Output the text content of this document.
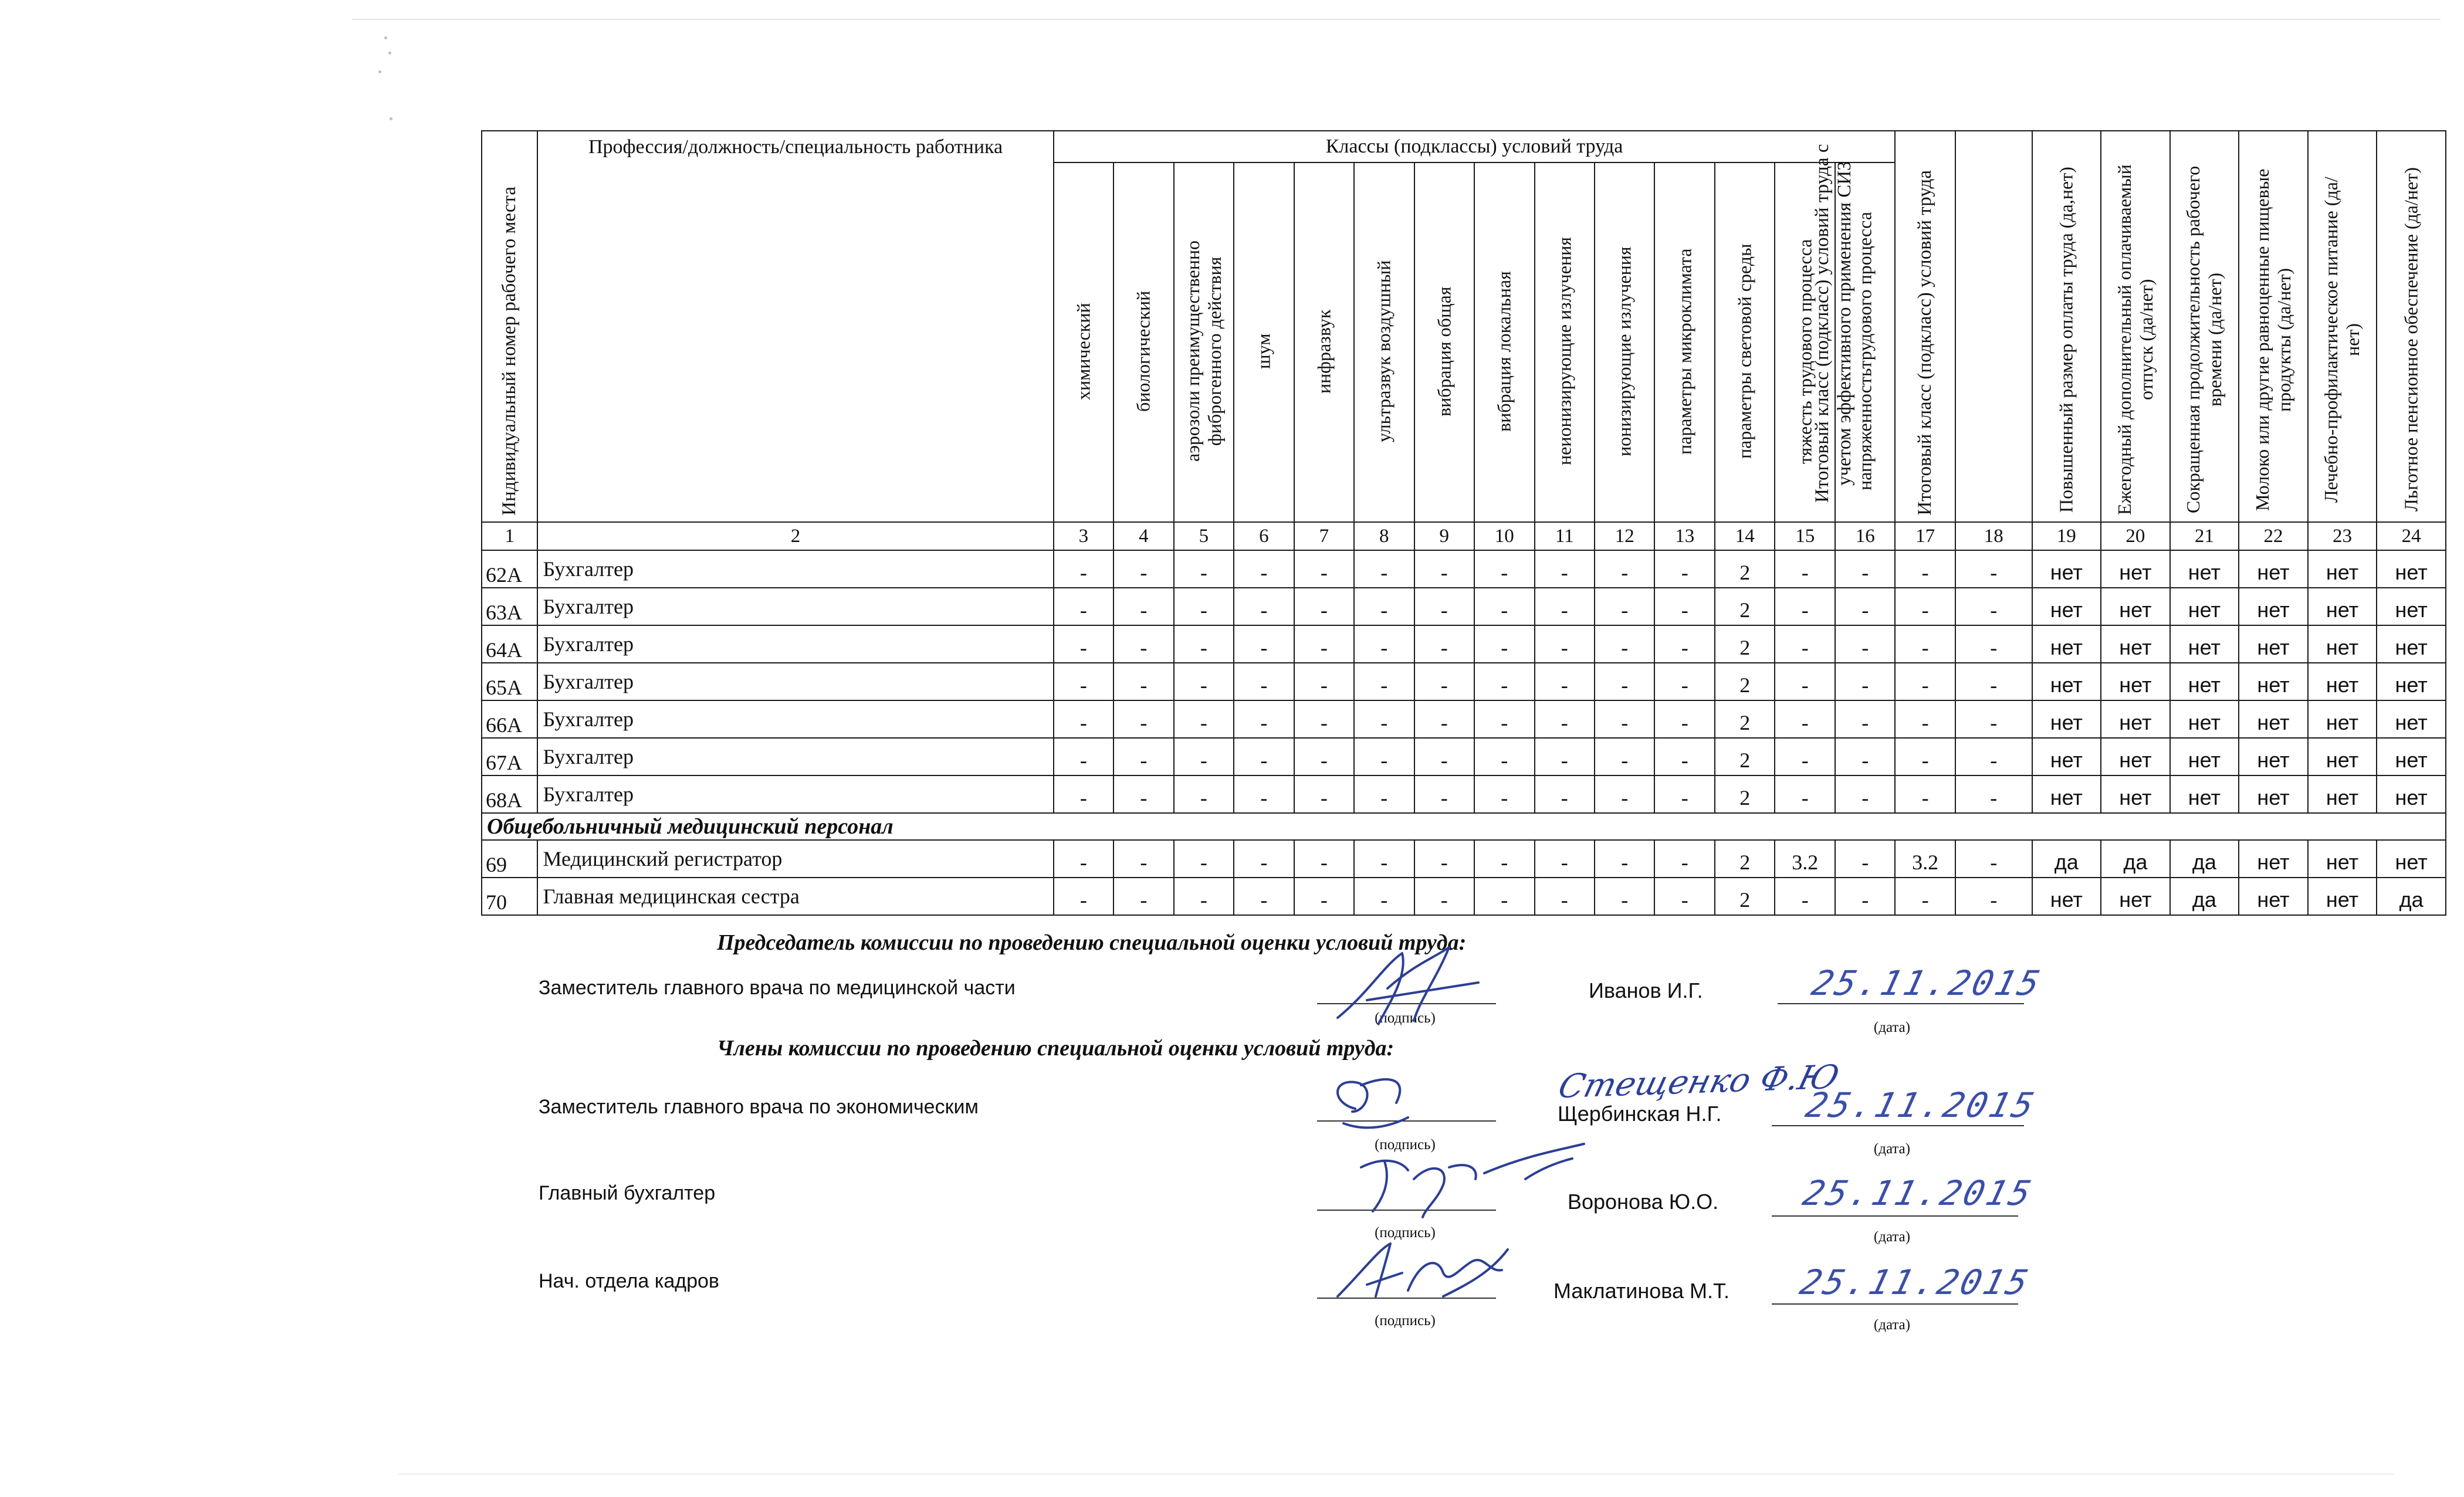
Индивидуальный номер рабочего места	Профессия/должность/специальность работника	Классы (подклассы) условий труда														Итоговый класс (подкласс) условий труда	Итоговый класс (подкласс) условий труда с учетом эффективного применения СИЗ	Повышенный размер оплаты труда (да,нет)	Ежегодный дополнительный оплачиваемый отпуск (да/нет)	Сокращенная продолжительность рабочего времени (да/нет)	Молоко или другие равноценные пищевые продукты (да/нет)	Лечебно-профилактическое питание (да/нет)	Льготное пенсионное обеспечение (да/нет)

		химический	биологический	аэрозоли преимущественно фиброгенного действия	шум	инфразвук	ультразвук воздушный	вибрация общая	вибрация локальная	неионизирующие излучения	ионизирующие излучения	параметры микроклимата	параметры световой среды	тяжесть трудового процесса	напряженностьтрудового процесса								

1	2	3	4	5	6	7	8	9	10	11	12	13	14	15	16	17	18	19	20	21	22	23	24
62А	Бухгалтер	-	-	-	-	-	-	-	-	-	-	-	2	-	-	-	-	нет	нет	нет	нет	нет	нет
63А	Бухгалтер	-	-	-	-	-	-	-	-	-	-	-	2	-	-	-	-	нет	нет	нет	нет	нет	нет
64А	Бухгалтер	-	-	-	-	-	-	-	-	-	-	-	2	-	-	-	-	нет	нет	нет	нет	нет	нет
65А	Бухгалтер	-	-	-	-	-	-	-	-	-	-	-	2	-	-	-	-	нет	нет	нет	нет	нет	нет
66А	Бухгалтер	-	-	-	-	-	-	-	-	-	-	-	2	-	-	-	-	нет	нет	нет	нет	нет	нет
67А	Бухгалтер	-	-	-	-	-	-	-	-	-	-	-	2	-	-	-	-	нет	нет	нет	нет	нет	нет
68А	Бухгалтер	-	-	-	-	-	-	-	-	-	-	-	2	-	-	-	-	нет	нет	нет	нет	нет	нет
Общебольничный медицинский персонал																							
69	Медицинский регистратор	-	-	-	-	-	-	-	-	-	-	-	2	3.2	-	3.2	-	да	да	да	нет	нет	нет
70	Главная медицинская сестра	-	-	-	-	-	-	-	-	-	-	-	2	-	-	-	-	нет	нет	да	нет	нет	да
Председатель комиссии по проведению специальной оценки условий труда:
Заместитель главного врача по медицинской части
(подпись)
Иванов И.Г.	25.11.2015
(дата)
Члены комиссии по проведению специальной оценки условий труда:
Заместитель главного врача по экономическим
(подпись)
Стещенко Ф.Ю
Щербинская Н.Г. 25.11.2015
(дата)
Главный бухгалтер
(подпись)
Воронова Ю.О. 25.11.2015
(дата)
Нач. отдела кадров
(подпись)
Маклатинова М.Т. 25.11.2015
(дата)
